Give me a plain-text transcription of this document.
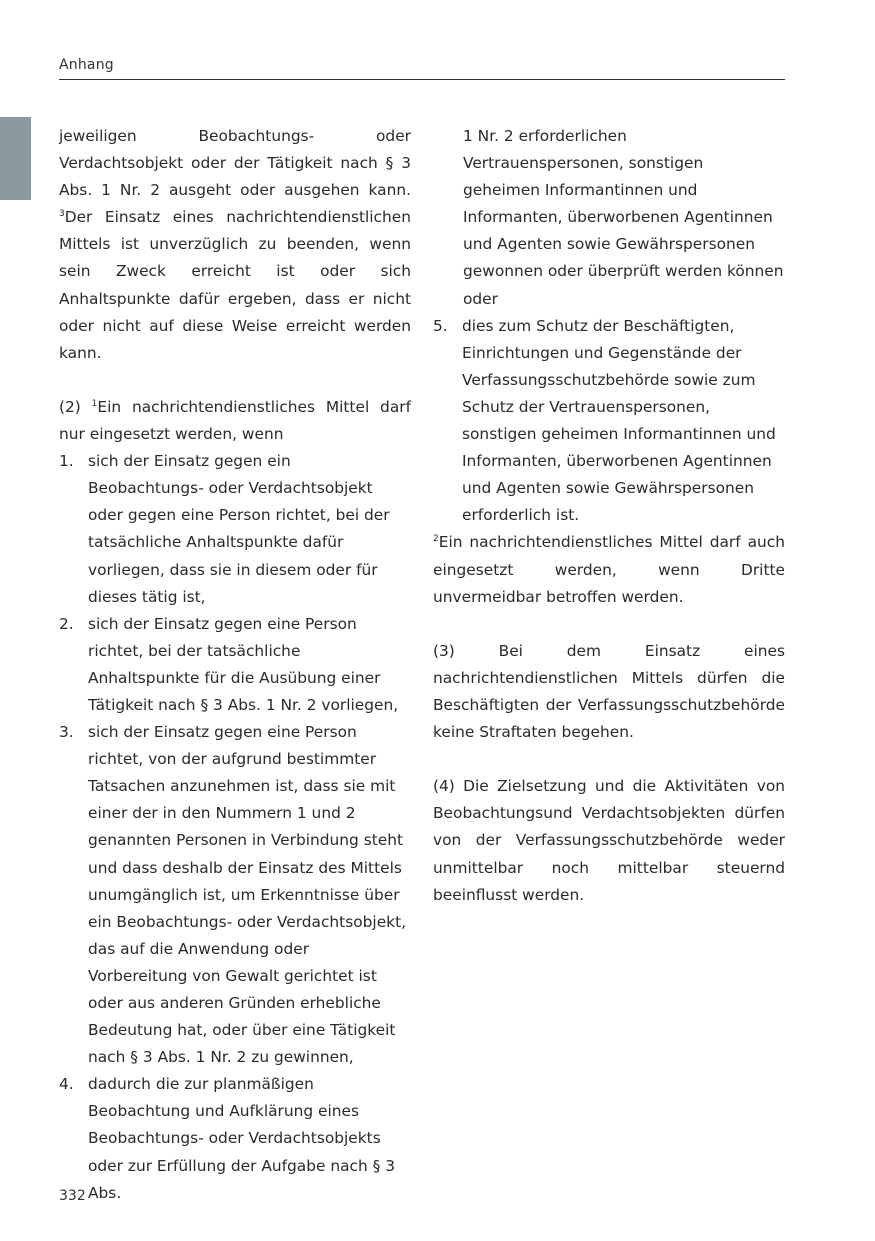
Anhang

jeweiligen Beobachtungs- oder Verdachtsobjekt oder der Tätigkeit nach § 3 Abs. 1 Nr. 2 ausgeht oder ausgehen kann. $^3$Der Einsatz eines nachrichtendienstlichen Mittels ist unverzüglich zu beenden, wenn sein Zweck erreicht ist oder sich Anhaltspunkte dafür ergeben, dass er nicht oder nicht auf diese Weise erreicht werden kann.

(2) $^1$Ein nachrichtendienstliches Mittel darf nur eingesetzt werden, wenn

1. sich der Einsatz gegen ein Beobachtungs- oder Verdachtsobjekt oder gegen eine Person richtet, bei der tatsächliche Anhaltspunkte dafür vorliegen, dass sie in diesem oder für dieses tätig ist,
2. sich der Einsatz gegen eine Person richtet, bei der tatsächliche Anhaltspunkte für die Ausübung einer Tätigkeit nach § 3 Abs. 1 Nr. 2 vorliegen,
3. sich der Einsatz gegen eine Person richtet, von der aufgrund bestimmter Tatsachen anzunehmen ist, dass sie mit einer der in den Nummern 1 und 2 genannten Personen in Verbindung steht und dass deshalb der Einsatz des Mittels unumgänglich ist, um Erkenntnisse über ein Beobachtungs- oder Verdachtsobjekt, das auf die Anwendung oder Vorbereitung von Gewalt gerichtet ist oder aus anderen Gründen erhebliche Bedeutung hat, oder über eine Tätigkeit nach § 3 Abs. 1 Nr. 2 zu gewinnen,
4. dadurch die zur planmäßigen Beobachtung und Aufklärung eines Beobachtungs- oder Verdachtsobjekts oder zur Erfüllung der Aufgabe nach § 3 Abs.

1 Nr. 2 erforderlichen Vertrauenspersonen, sonstigen geheimen Informantinnen und Informanten, überworbenen Agentinnen und Agenten sowie Gewährspersonen gewonnen oder überprüft werden können oder

5. dies zum Schutz der Beschäftigten, Einrichtungen und Gegenstände der Verfassungsschutzbehörde sowie zum Schutz der Vertrauenspersonen, sonstigen geheimen Informantinnen und Informanten, überworbenen Agentinnen und Agenten sowie Gewährspersonen erforderlich ist.

$^2$Ein nachrichtendienstliches Mittel darf auch eingesetzt werden, wenn Dritte unvermeidbar betroffen werden.

(3) Bei dem Einsatz eines nachrichtendienstlichen Mittels dürfen die Beschäftigten der Verfassungsschutzbehörde keine Straftaten begehen.

(4) Die Zielsetzung und die Aktivitäten von Beobachtungsund Verdachtsobjekten dürfen von der Verfassungsschutzbehörde weder unmittelbar noch mittelbar steuernd beeinflusst werden.

332
